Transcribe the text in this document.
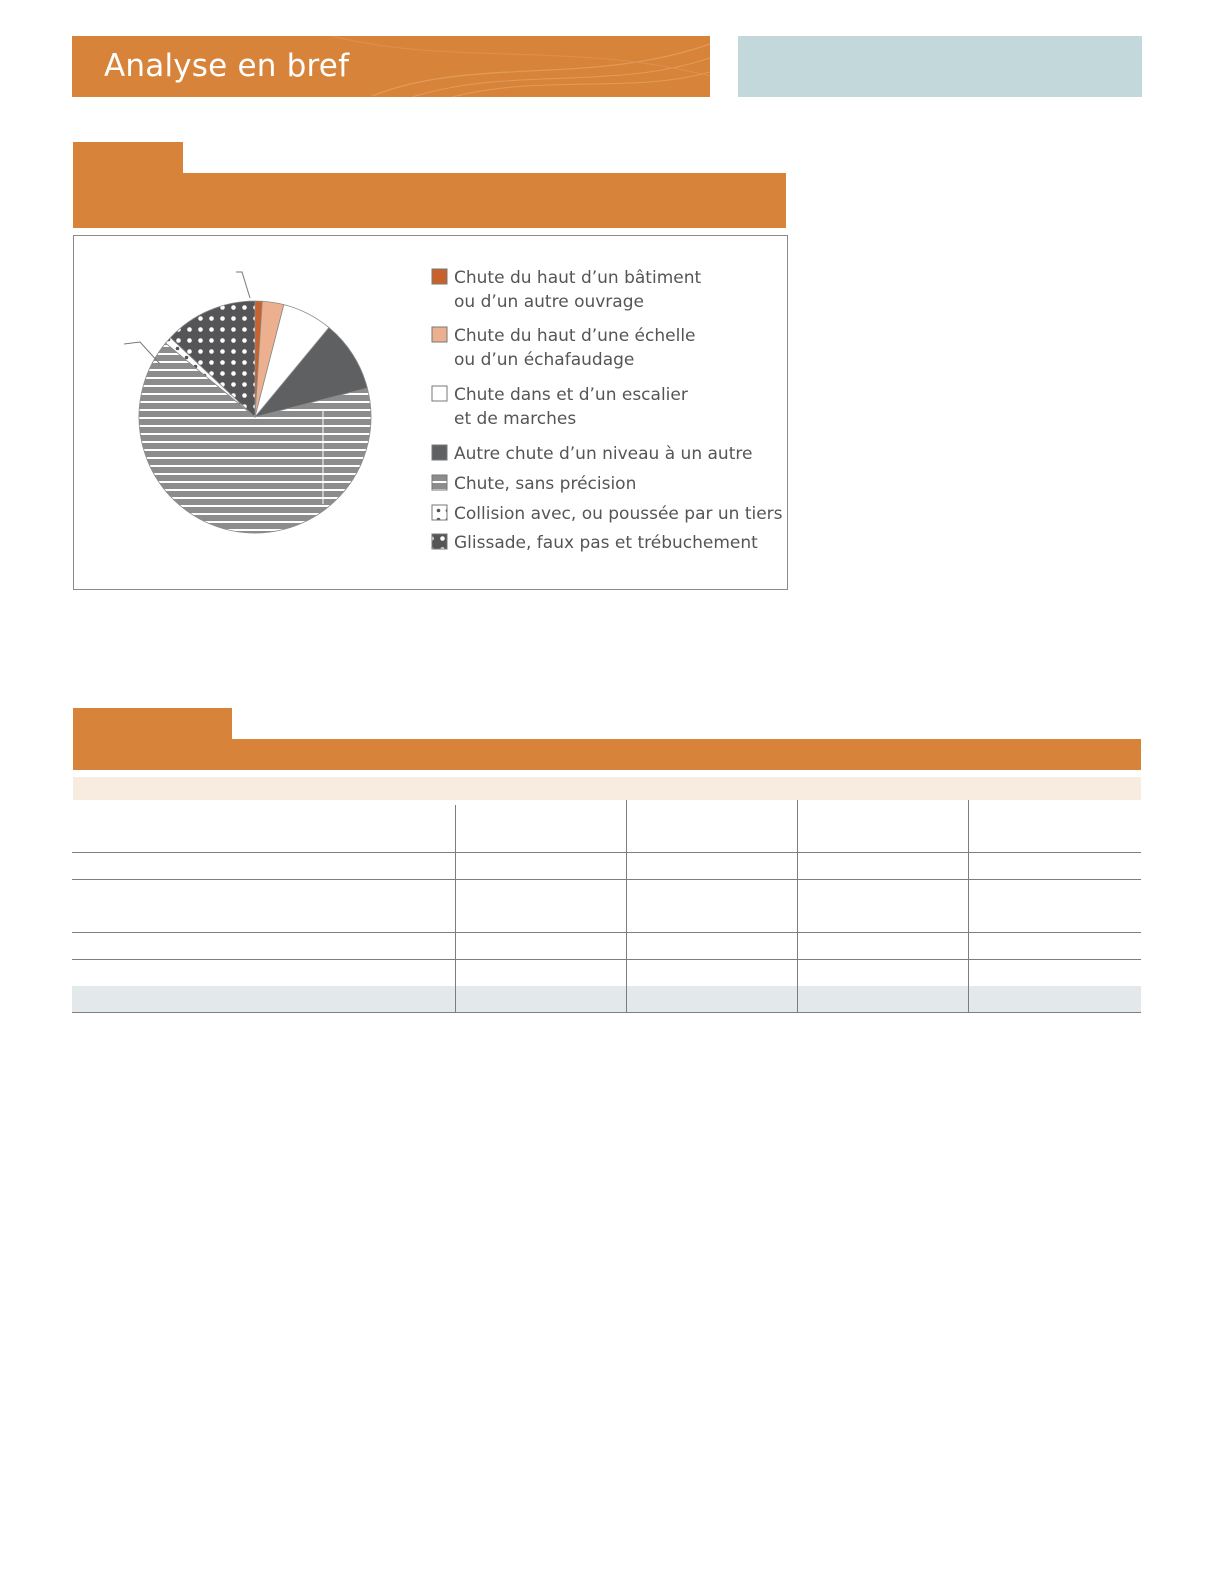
Analyse en bref
Chute du haut d’un bâtiment
ou d’un autre ouvrage
Chute du haut d’une échelle
ou d’un échafaudage
Chute dans et d’un escalier
et de marches
Autre chute d’un niveau à un autre
Chute, sans précision
Collision avec, ou poussée par un tiers
Glissade, faux pas et trébuchement
